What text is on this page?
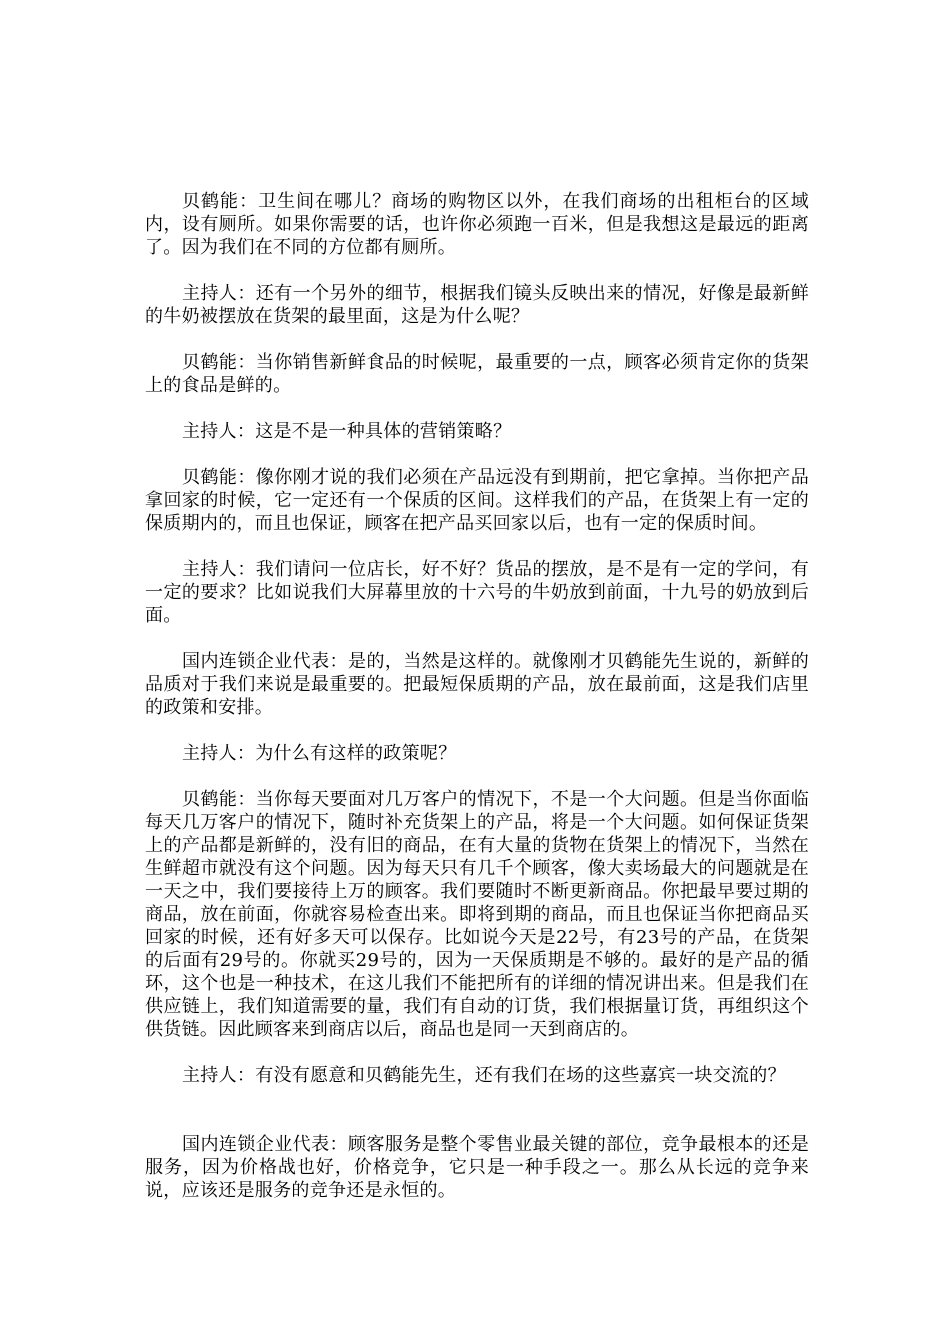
贝鹤能：卫生间在哪儿？商场的购物区以外，在我们商场的出租柜台的区域内，设有厕所。如果你需要的话，也许你必须跑一百米，但是我想这是最远的距离了。因为我们在不同的方位都有厕所。

主持人：还有一个另外的细节，根据我们镜头反映出来的情况，好像是最新鲜的牛奶被摆放在货架的最里面，这是为什么呢？

贝鹤能：当你销售新鲜食品的时候呢，最重要的一点，顾客必须肯定你的货架上的食品是鲜的。

主持人：这是不是一种具体的营销策略？

贝鹤能：像你刚才说的我们必须在产品远没有到期前，把它拿掉。当你把产品拿回家的时候，它一定还有一个保质的区间。这样我们的产品，在货架上有一定的保质期内的，而且也保证，顾客在把产品买回家以后，也有一定的保质时间。

主持人：我们请问一位店长，好不好？货品的摆放，是不是有一定的学问，有一定的要求？比如说我们大屏幕里放的十六号的牛奶放到前面，十九号的奶放到后面。

国内连锁企业代表：是的，当然是这样的。就像刚才贝鹤能先生说的，新鲜的品质对于我们来说是最重要的。把最短保质期的产品，放在最前面，这是我们店里的政策和安排。

主持人：为什么有这样的政策呢？

贝鹤能：当你每天要面对几万客户的情况下，不是一个大问题。但是当你面临每天几万客户的情况下，随时补充货架上的产品，将是一个大问题。如何保证货架上的产品都是新鲜的，没有旧的商品，在有大量的货物在货架上的情况下，当然在生鲜超市就没有这个问题。因为每天只有几千个顾客，像大卖场最大的问题就是在一天之中，我们要接待上万的顾客。我们要随时不断更新商品。你把最早要过期的商品，放在前面，你就容易检查出来。即将到期的商品，而且也保证当你把商品买回家的时候，还有好多天可以保存。比如说今天是22号，有23号的产品，在货架的后面有29号的。你就买29号的，因为一天保质期是不够的。最好的是产品的循环，这个也是一种技术，在这儿我们不能把所有的详细的情况讲出来。但是我们在供应链上，我们知道需要的量，我们有自动的订货，我们根据量订货，再组织这个供货链。因此顾客来到商店以后，商品也是同一天到商店的。

主持人：有没有愿意和贝鹤能先生，还有我们在场的这些嘉宾一块交流的？

国内连锁企业代表：顾客服务是整个零售业最关键的部位，竞争最根本的还是服务，因为价格战也好，价格竞争，它只是一种手段之一。那么从长远的竞争来说，应该还是服务的竞争还是永恒的。
